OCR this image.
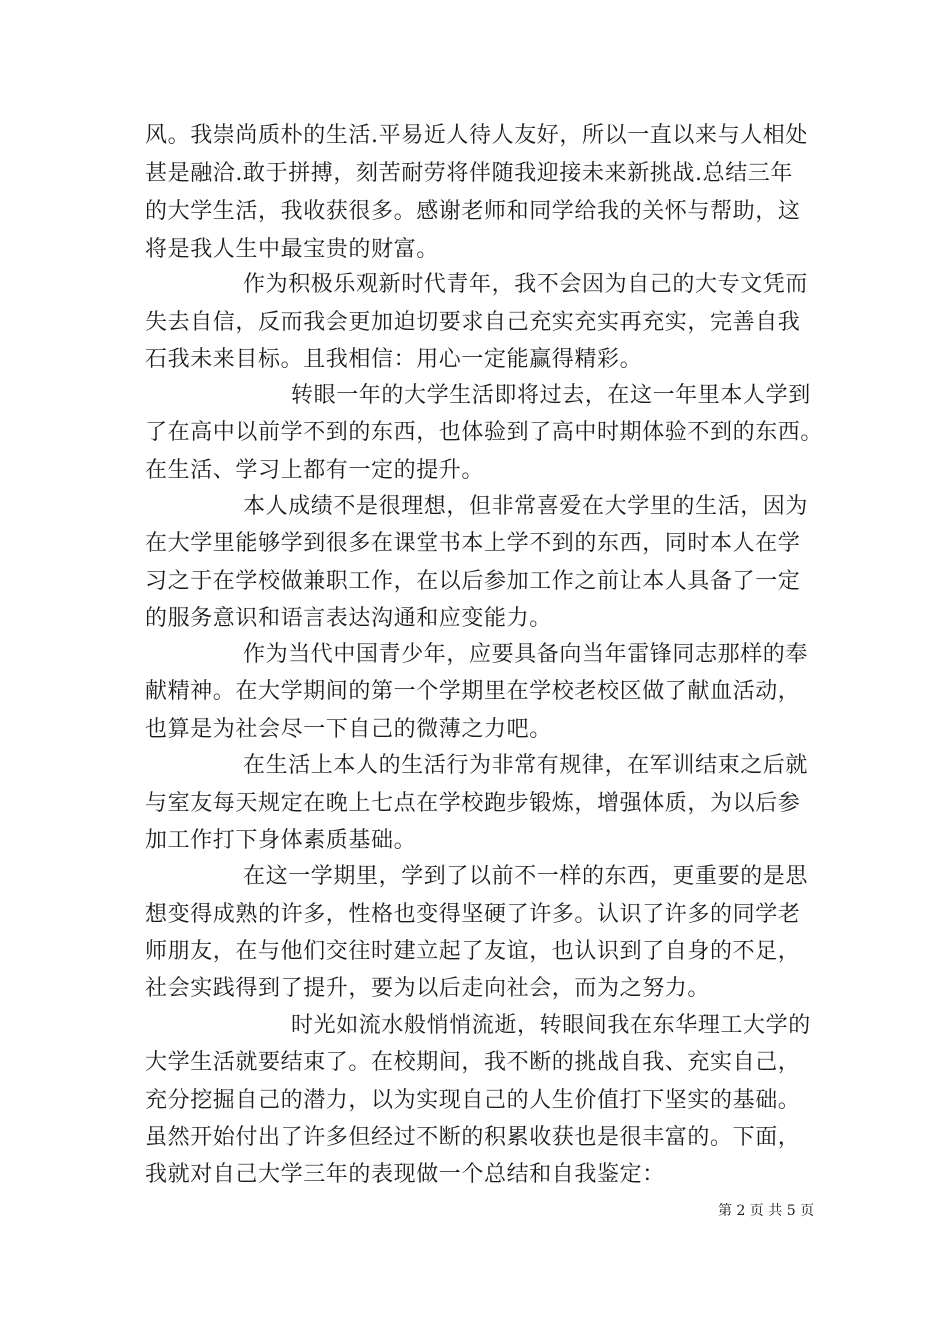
风。我崇尚质朴的生活.平易近人待人友好，所以一直以来与人相处
甚是融洽.敢于拼搏，刻苦耐劳将伴随我迎接未来新挑战.总结三年
的大学生活，我收获很多。感谢老师和同学给我的关怀与帮助，这
将是我人生中最宝贵的财富。
作为积极乐观新时代青年，我不会因为自己的大专文凭而
失去自信，反而我会更加迫切要求自己充实充实再充实，完善自我
石我未来目标。且我相信：用心一定能赢得精彩。
转眼一年的大学生活即将过去，在这一年里本人学到
了在高中以前学不到的东西，也体验到了高中时期体验不到的东西。
在生活、学习上都有一定的提升。
本人成绩不是很理想，但非常喜爱在大学里的生活，因为
在大学里能够学到很多在课堂书本上学不到的东西，同时本人在学
习之于在学校做兼职工作，在以后参加工作之前让本人具备了一定
的服务意识和语言表达沟通和应变能力。
作为当代中国青少年，应要具备向当年雷锋同志那样的奉
献精神。在大学期间的第一个学期里在学校老校区做了献血活动，
也算是为社会尽一下自己的微薄之力吧。
在生活上本人的生活行为非常有规律，在军训结束之后就
与室友每天规定在晚上七点在学校跑步锻炼，增强体质，为以后参
加工作打下身体素质基础。
在这一学期里，学到了以前不一样的东西，更重要的是思
想变得成熟的许多，性格也变得坚硬了许多。认识了许多的同学老
师朋友，在与他们交往时建立起了友谊，也认识到了自身的不足，
社会实践得到了提升，要为以后走向社会，而为之努力。
时光如流水般悄悄流逝，转眼间我在东华理工大学的
大学生活就要结束了。在校期间，我不断的挑战自我、充实自己，
充分挖掘自己的潜力，以为实现自己的人生价值打下坚实的基础。
虽然开始付出了许多但经过不断的积累收获也是很丰富的。下面，
我就对自己大学三年的表现做一个总结和自我鉴定：
第 2 页 共 5 页
